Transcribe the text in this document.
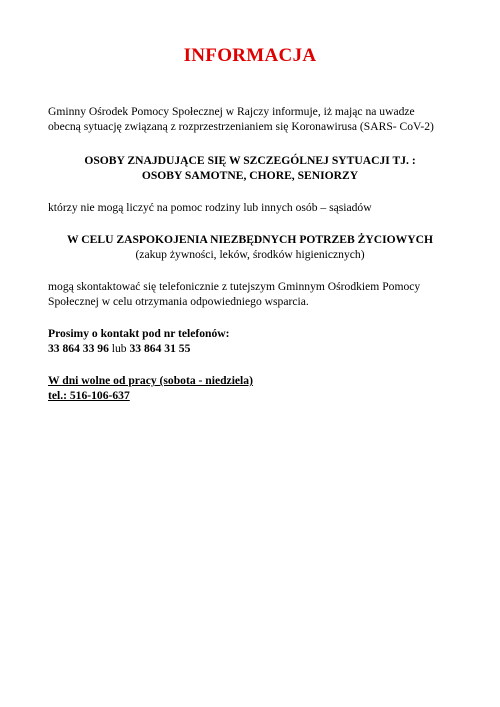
INFORMACJA

Gminny Ośrodek Pomocy Społecznej w Rajczy informuje, iż mając na uwadze
obecną sytuację związaną z rozprzestrzenianiem się Koronawirusa (SARS- CoV-2)

OSOBY ZNAJDUJĄCE SIĘ W SZCZEGÓLNEJ SYTUACJI TJ. :
OSOBY SAMOTNE, CHORE, SENIORZY

którzy nie mogą liczyć na pomoc rodziny lub innych osób – sąsiadów

W CELU ZASPOKOJENIA NIEZBĘDNYCH POTRZEB ŻYCIOWYCH
(zakup żywności, leków, środków higienicznych)

mogą skontaktować się telefonicznie z tutejszym Gminnym Ośrodkiem Pomocy
Społecznej w celu otrzymania odpowiedniego wsparcia.

Prosimy o kontakt pod nr telefonów:
33 864 33 96 lub 33 864 31 55

W dni wolne od pracy (sobota - niedziela)
tel.: 516-106-637
